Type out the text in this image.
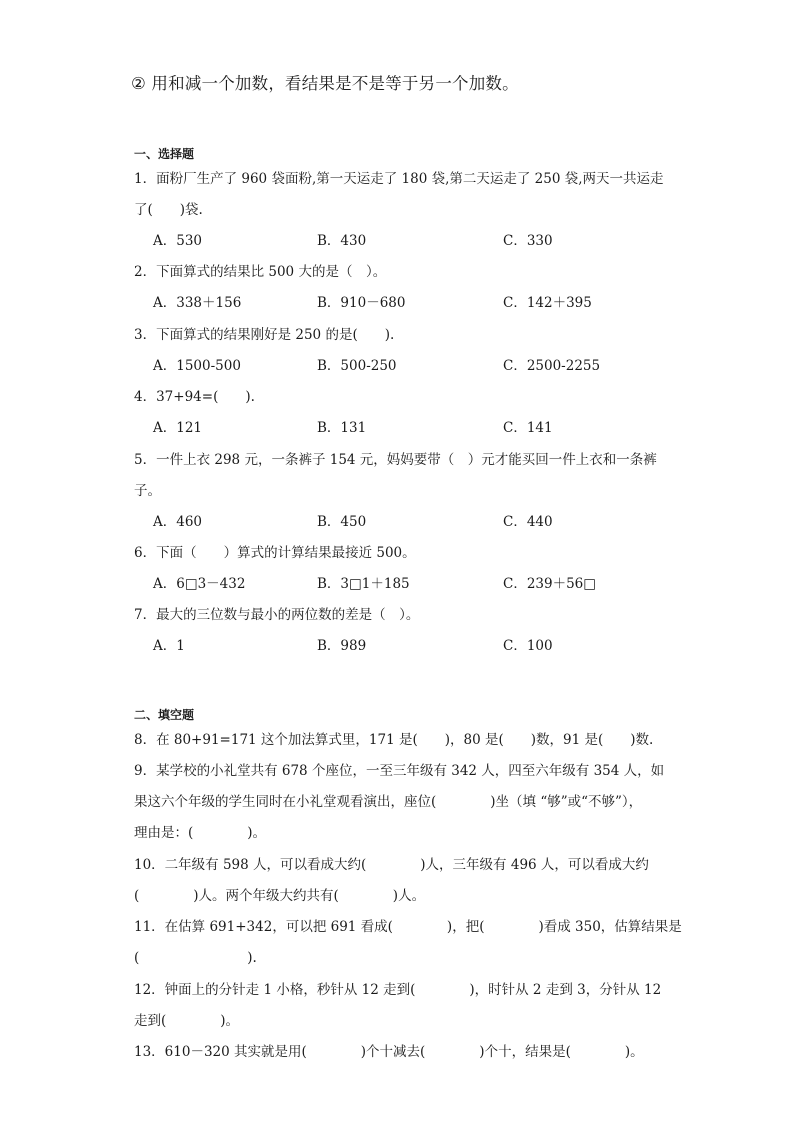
② 用和减一个加数，看结果是不是等于另一个加数。
一、选择题
1．面粉厂生产了 960 袋面粉,第一天运走了 180 袋,第二天运走了 250 袋,两天一共运走
了(　　)袋.
A．530	B．430	C．330
2．下面算式的结果比 500 大的是（　）。
A．338＋156	B．910－680	C．142＋395
3．下面算式的结果刚好是 250 的是(　　).
A．1500-500	B．500-250	C．2500-2255
4．37+94=(　　).
A．121	B．131	C．141
5．一件上衣 298 元，一条裤子 154 元，妈妈要带（　）元才能买回一件上衣和一条裤
子。
A．460	B．450	C．440
6．下面（　　）算式的计算结果最接近 500。
A．6□3－432	B．3□1＋185	C．239＋56□
7．最大的三位数与最小的两位数的差是（　）。
A．1	B．989	C．100
二、填空题
8．在 80+91=171 这个加法算式里，171 是(　　)，80 是(　　)数，91 是(　　)数.
9．某学校的小礼堂共有 678 个座位，一至三年级有 342 人，四至六年级有 354 人，如
果这六个年级的学生同时在小礼堂观看演出，座位(　　　　)坐（填 “够”或“不够”），
理由是：(　　　　)。
10．二年级有 598 人，可以看成大约(　　　　)人，三年级有 496 人，可以看成大约
(　　　　)人。两个年级大约共有(　　　　)人。
11．在估算 691+342，可以把 691 看成(　　　　)，把(　　　　)看成 350，估算结果是
(　　　　　　　　).
12．钟面上的分针走 1 小格，秒针从 12 走到(　　　　)，时针从 2 走到 3，分针从 12
走到(　　　　)。
13．610－320 其实就是用(　　　　)个十减去(　　　　)个十，结果是(　　　　)。
